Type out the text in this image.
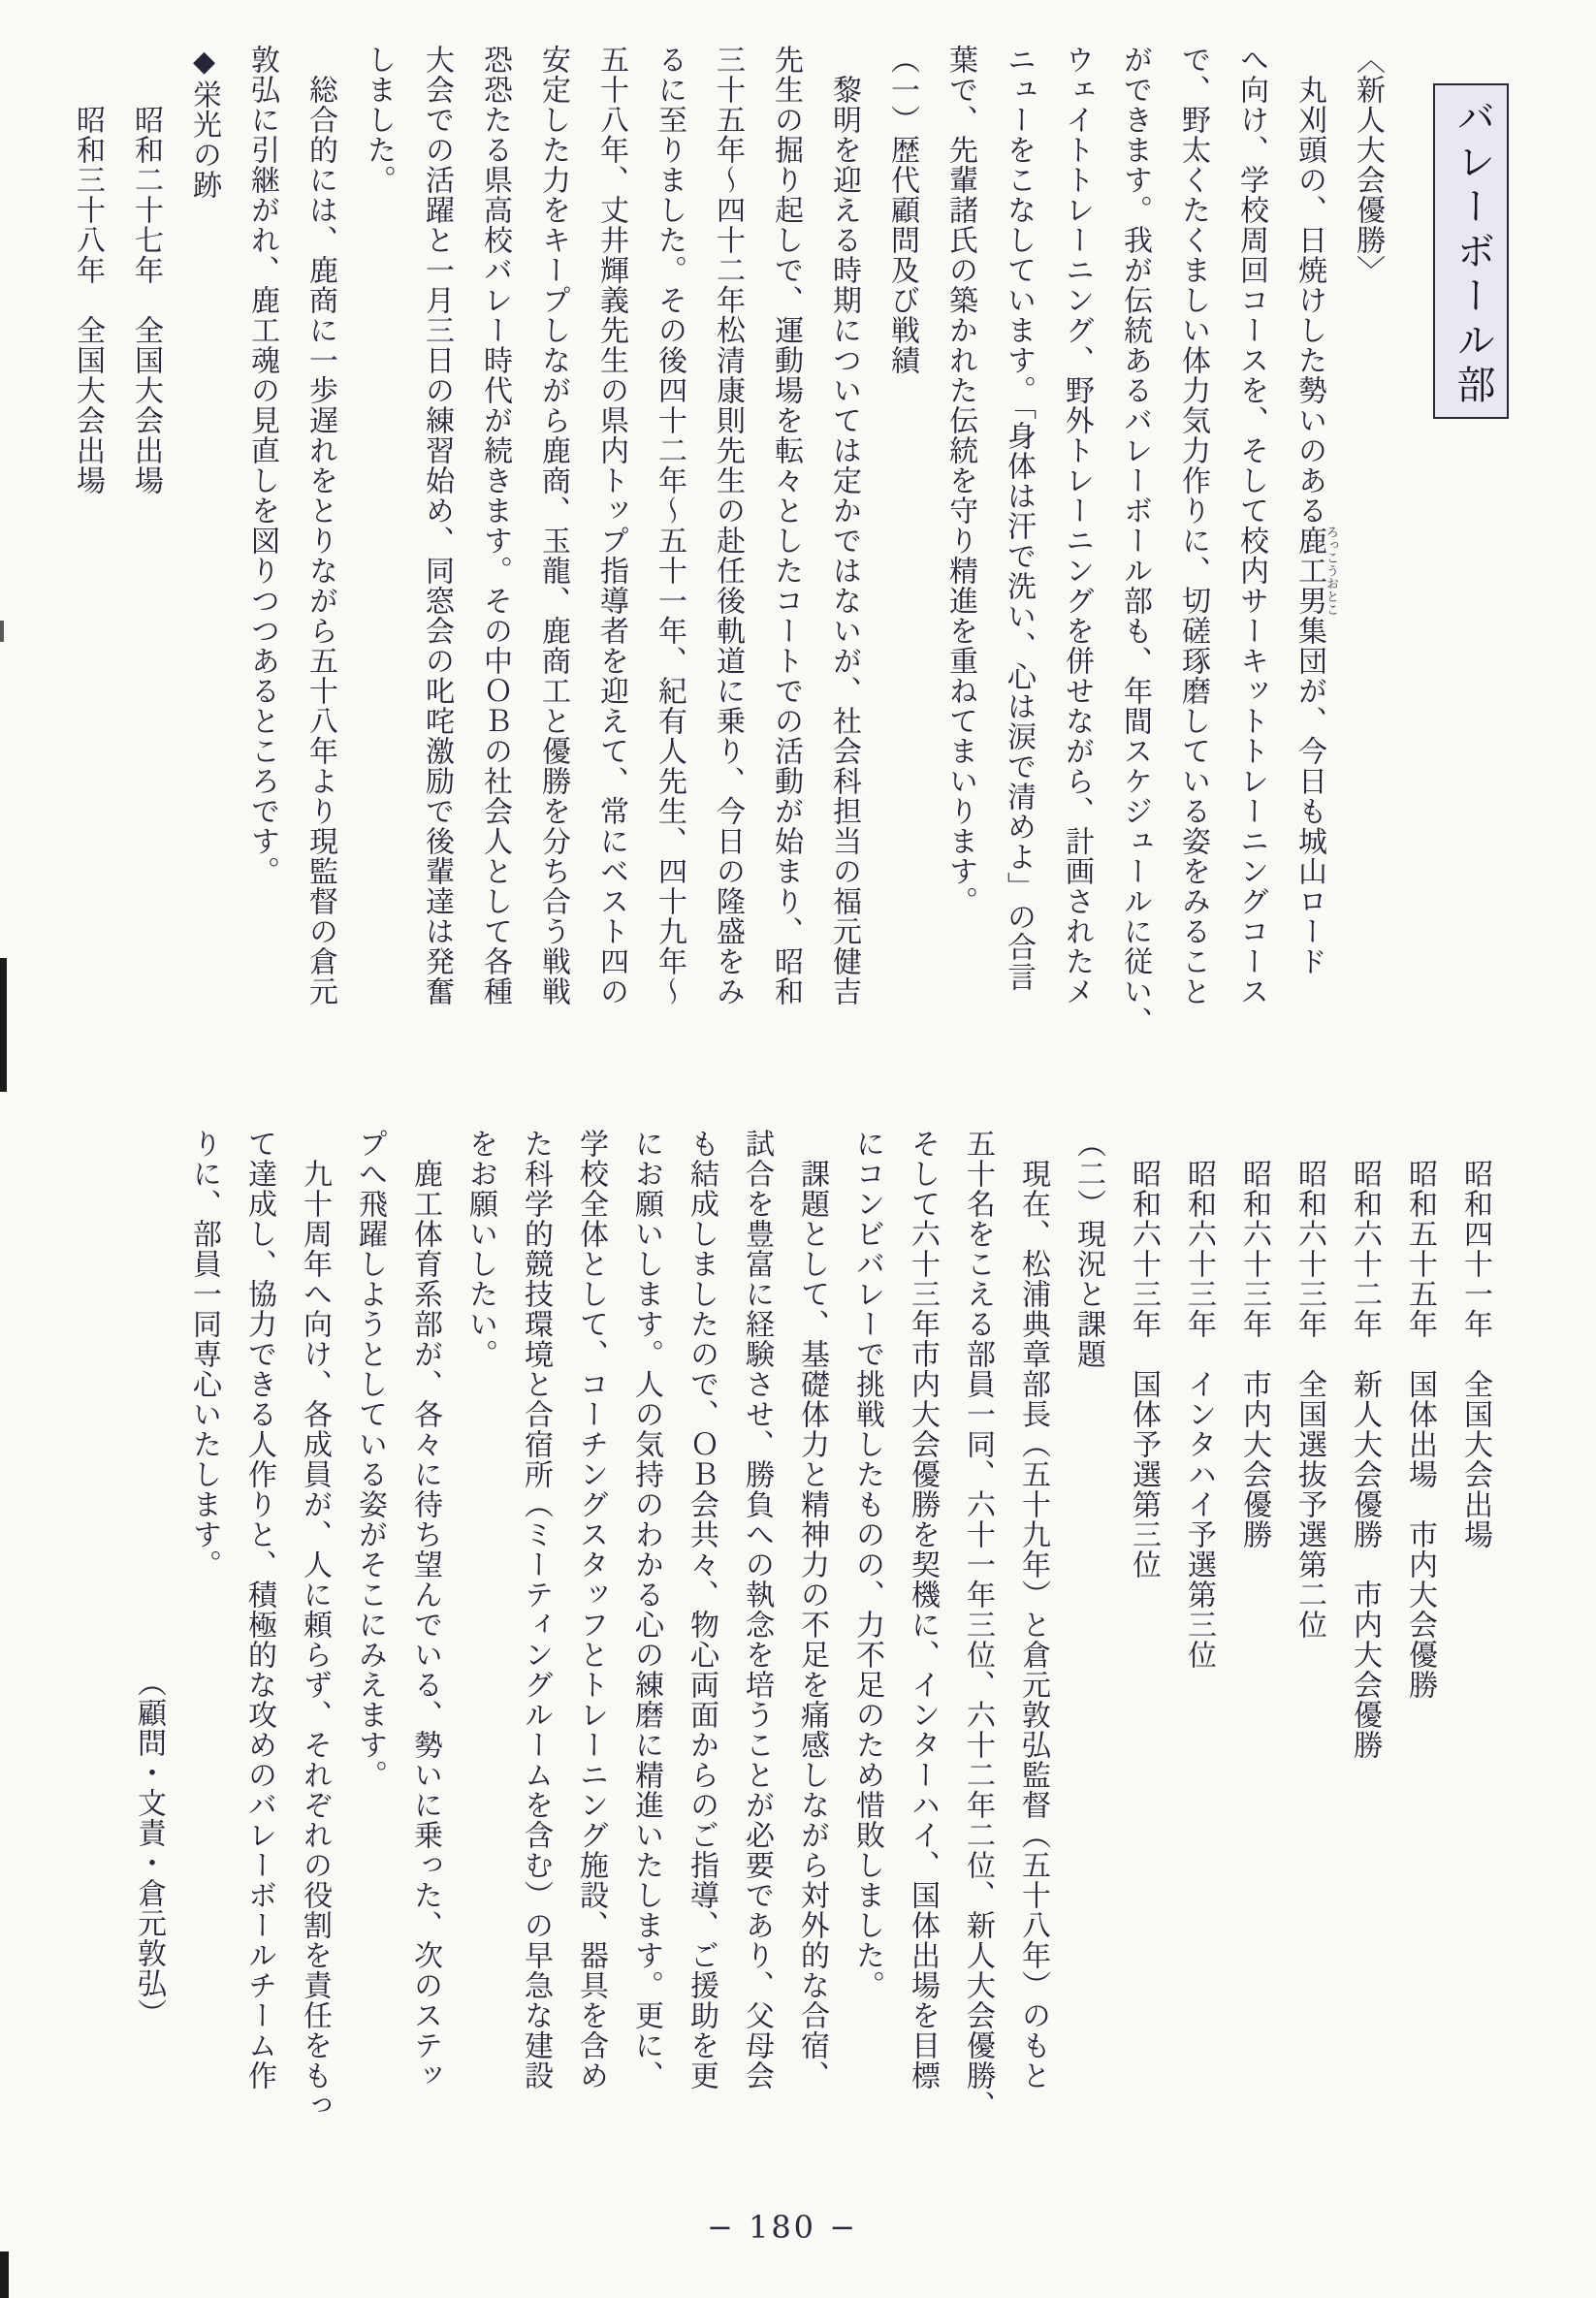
バレーボール部
〈新人大会優勝〉
　丸刈頭の、日焼けした勢いのある鹿工男ろっこうおとこ集団が、今日も城山ロード
へ向け、学校周回コースを、そして校内サーキットトレーニングコース
で、野太くたくましい体力気力作りに、切磋琢磨している姿をみること
ができます。我が伝統あるバレーボール部も、年間スケジュールに従い、
ウェイトトレーニング、野外トレーニングを併せながら、計画されたメ
ニューをこなしています。「身体は汗で洗い、心は涙で清めよ」の合言
葉で、先輩諸氏の築かれた伝統を守り精進を重ねてまいります。
（一）歴代顧問及び戦績
　黎明を迎える時期については定かではないが、社会科担当の福元健吉
先生の掘り起しで、運動場を転々としたコートでの活動が始まり、昭和
三十五年〜四十二年松清康則先生の赴任後軌道に乗り、今日の隆盛をみ
るに至りました。その後四十二年〜五十一年、紀有人先生、四十九年〜
五十八年、丈井輝義先生の県内トップ指導者を迎えて、常にベスト四の
安定した力をキープしながら鹿商、玉龍、鹿商工と優勝を分ち合う戦戦
恐恐たる県高校バレー時代が続きます。その中ＯＢの社会人として各種
大会での活躍と一月三日の練習始め、同窓会の叱咤激励で後輩達は発奮
しました。
　総合的には、鹿商に一歩遅れをとりながら五十八年より現監督の倉元
敦弘に引継がれ、鹿工魂の見直しを図りつつあるところです。
◆栄光の跡
　　昭和二十七年　全国大会出場
　　昭和三十八年　全国大会出場
　昭和四十一年　全国大会出場
　昭和五十五年　国体出場　市内大会優勝
　昭和六十二年　新人大会優勝　市内大会優勝
　昭和六十三年　全国選抜予選第二位
　昭和六十三年　市内大会優勝
　昭和六十三年　インタハイ予選第三位
　昭和六十三年　国体予選第三位
（二）現況と課題
　現在、松浦典章部長（五十九年）と倉元敦弘監督（五十八年）のもと
五十名をこえる部員一同、六十一年三位、六十二年二位、新人大会優勝、
そして六十三年市内大会優勝を契機に、インターハイ、国体出場を目標
にコンビバレーで挑戦したものの、力不足のため惜敗しました。
　課題として、基礎体力と精神力の不足を痛感しながら対外的な合宿、
試合を豊富に経験させ、勝負への執念を培うことが必要であり、父母会
も結成しましたので、ＯＢ会共々、物心両面からのご指導、ご援助を更
にお願いします。人の気持のわかる心の練磨に精進いたします。更に、
学校全体として、コーチングスタッフとトレーニング施設、器具を含め
た科学的競技環境と合宿所（ミーティングルームを含む）の早急な建設
をお願いしたい。
　鹿工体育系部が、各々に待ち望んでいる、勢いに乗った、次のステッ
プへ飛躍しようとしている姿がそこにみえます。
　九十周年へ向け、各成員が、人に頼らず、それぞれの役割を責任をもっ
て達成し、協力できる人作りと、積極的な攻めのバレーボールチーム作
りに、部員一同専心いたします。
（顧問・文責・倉元敦弘）
− 180 −
